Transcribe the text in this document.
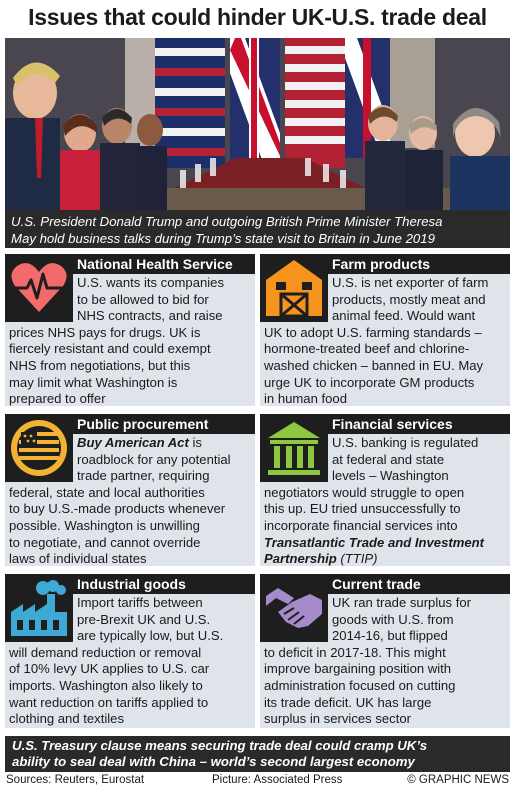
Issues that could hinder UK-U.S. trade deal
U.S. President Donald Trump and outgoing British Prime Minister Theresa
May hold business talks during Trump’s state visit to Britain in June 2019
National Health Service
U.S. wants its companies
to be allowed to bid for
NHS contracts, and raise
prices NHS pays for drugs. UK is
fiercely resistant and could exempt
NHS from negotiations, but this
may limit what Washington is
prepared to offer
Farm products
U.S. is net exporter of farm
products, mostly meat and
animal feed. Would want
UK to adopt U.S. farming standards –
hormone-treated beef and chlorine-
washed chicken – banned in EU. May
urge UK to incorporate GM products
in human food
Public procurement
Buy American Act is
roadblock for any potential
trade partner, requiring
federal, state and local authorities
to buy U.S.-made products whenever
possible. Washington is unwilling
to negotiate, and cannot override
laws of individual states
Financial services
U.S. banking is regulated
at federal and state
levels – Washington
negotiators would struggle to open
this up. EU tried unsuccessfully to
incorporate financial services into
Transatlantic Trade and Investment
Partnership (TTIP)
Industrial goods
Import tariffs between
pre-Brexit UK and U.S.
are typically low, but U.S.
will demand reduction or removal
of 10% levy UK applies to U.S. car
imports. Washington also likely to
want reduction on tariffs applied to
clothing and textiles
Current trade
UK ran trade surplus for
goods with U.S. from
2014-16, but flipped
to deficit in 2017-18. This might
improve bargaining position with
administration focused on cutting
its trade deficit. UK has large
surplus in services sector
U.S. Treasury clause means securing trade deal could cramp UK’s
ability to seal deal with China – world’s second largest economy
Sources: Reuters, Eurostat	Picture: Associated Press	© GRAPHIC NEWS
